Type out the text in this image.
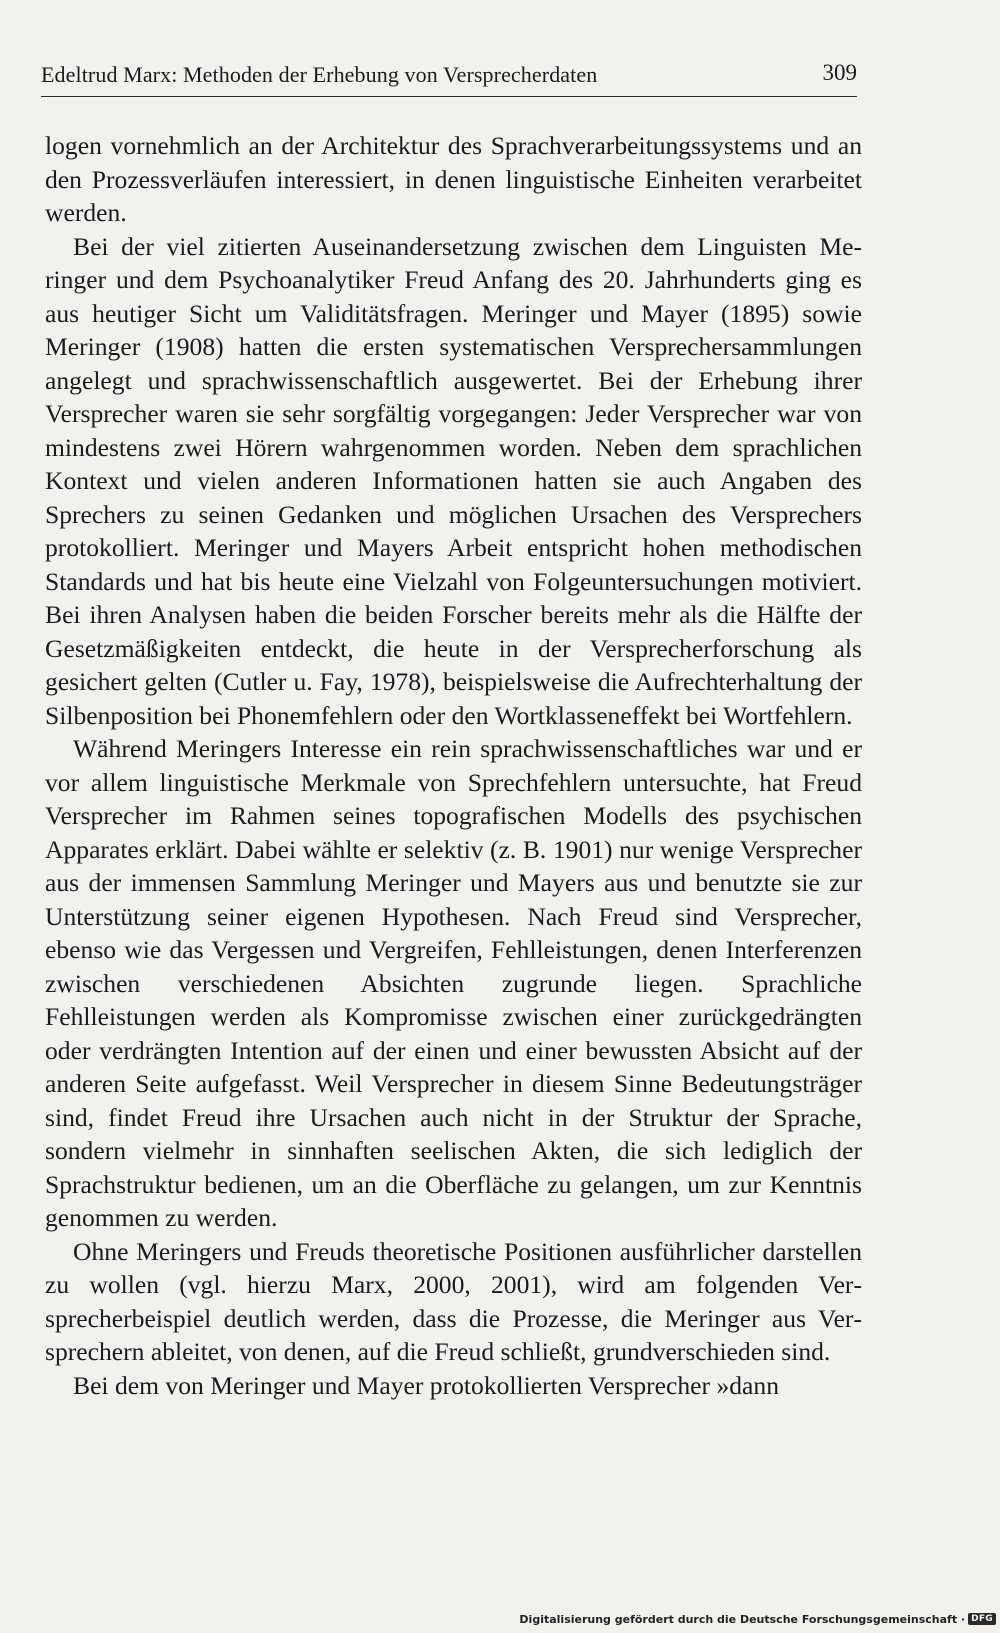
Edeltrud Marx: Methoden der Erhebung von Versprecherdaten	309

logen vornehmlich an der Architektur des Sprachverarbeitungssystems und an den Prozessverläufen interessiert, in denen linguistische Einheiten verarbeitet werden.

Bei der viel zitierten Auseinandersetzung zwischen dem Linguisten Meringer und dem Psychoanalytiker Freud Anfang des 20. Jahrhunderts ging es aus heutiger Sicht um Validitätsfragen. Meringer und Mayer (1895) sowie Meringer (1908) hatten die ersten systematischen Versprechersammlungen angelegt und sprachwissenschaftlich ausgewertet. Bei der Erhebung ihrer Versprecher waren sie sehr sorgfältig vorgegangen: Jeder Versprecher war von mindestens zwei Hörern wahrgenommen worden. Neben dem sprachlichen Kontext und vielen anderen Informationen hatten sie auch Angaben des Sprechers zu seinen Gedanken und möglichen Ursachen des Versprechers protokolliert. Meringer und Mayers Arbeit entspricht hohen methodischen Standards und hat bis heute eine Vielzahl von Folgeuntersuchungen motiviert. Bei ihren Analysen haben die beiden Forscher bereits mehr als die Hälfte der Gesetzmäßigkeiten entdeckt, die heute in der Versprecherforschung als gesichert gelten (Cutler u. Fay, 1978), beispielsweise die Aufrechterhaltung der Silbenposition bei Phonemfehlern oder den Wortklasseneffekt bei Wortfehlern.

Während Meringers Interesse ein rein sprachwissenschaftliches war und er vor allem linguistische Merkmale von Sprechfehlern untersuchte, hat Freud Versprecher im Rahmen seines topografischen Modells des psychischen Apparates erklärt. Dabei wählte er selektiv (z. B. 1901) nur wenige Versprecher aus der immensen Sammlung Meringer und Mayers aus und benutzte sie zur Unterstützung seiner eigenen Hypothesen. Nach Freud sind Versprecher, ebenso wie das Vergessen und Vergreifen, Fehlleistungen, denen Interferenzen zwischen verschiedenen Absichten zugrunde liegen. Sprachliche Fehlleistungen werden als Kompromisse zwischen einer zurückgedrängten oder verdrängten Intention auf der einen und einer bewussten Absicht auf der anderen Seite aufgefasst. Weil Versprecher in diesem Sinne Bedeutungsträger sind, findet Freud ihre Ursachen auch nicht in der Struktur der Sprache, sondern vielmehr in sinnhaften seelischen Akten, die sich lediglich der Sprachstruktur bedienen, um an die Oberfläche zu gelangen, um zur Kenntnis genommen zu werden.

Ohne Meringers und Freuds theoretische Positionen ausführlicher darstellen zu wollen (vgl. hierzu Marx, 2000, 2001), wird am folgenden Versprecherbeispiel deutlich werden, dass die Prozesse, die Meringer aus Versprechern ableitet, von denen, auf die Freud schließt, grundverschieden sind.

Bei dem von Meringer und Mayer protokollierten Versprecher »dann

Digitalisierung gefördert durch die Deutsche Forschungsgemeinschaft · DFG
